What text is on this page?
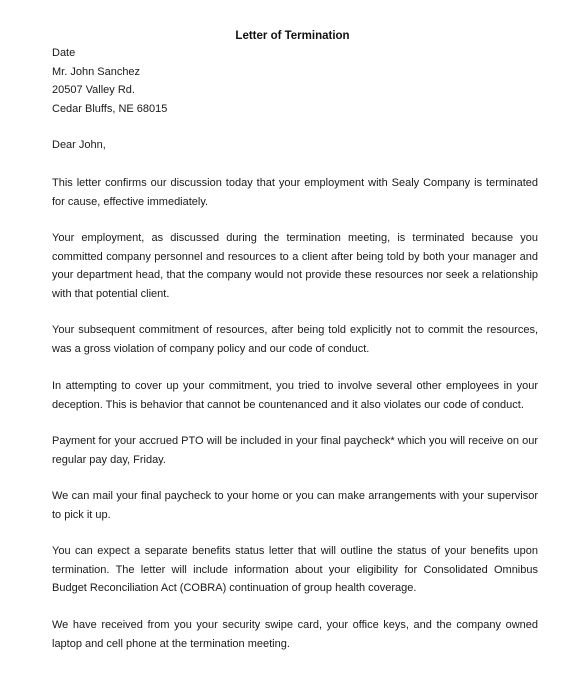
Letter of Termination
Date
Mr. John Sanchez
20507 Valley Rd.
Cedar Bluffs, NE 68015
Dear John,

This letter confirms our discussion today that your employment with Sealy Company is terminated for cause, effective immediately.

Your employment, as discussed during the termination meeting, is terminated because you committed company personnel and resources to a client after being told by both your manager and your department head, that the company would not provide these resources nor seek a relationship with that potential client.

Your subsequent commitment of resources, after being told explicitly not to commit the resources, was a gross violation of company policy and our code of conduct.

In attempting to cover up your commitment, you tried to involve several other employees in your deception. This is behavior that cannot be countenanced and it also violates our code of conduct.

Payment for your accrued PTO will be included in your final paycheck* which you will receive on our regular pay day, Friday.

We can mail your final paycheck to your home or you can make arrangements with your supervisor to pick it up.

You can expect a separate benefits status letter that will outline the status of your benefits upon termination. The letter will include information about your eligibility for Consolidated Omnibus Budget Reconciliation Act (COBRA) continuation of group health coverage.

We have received from you your security swipe card, your office keys, and the company owned laptop and cell phone at the termination meeting.
